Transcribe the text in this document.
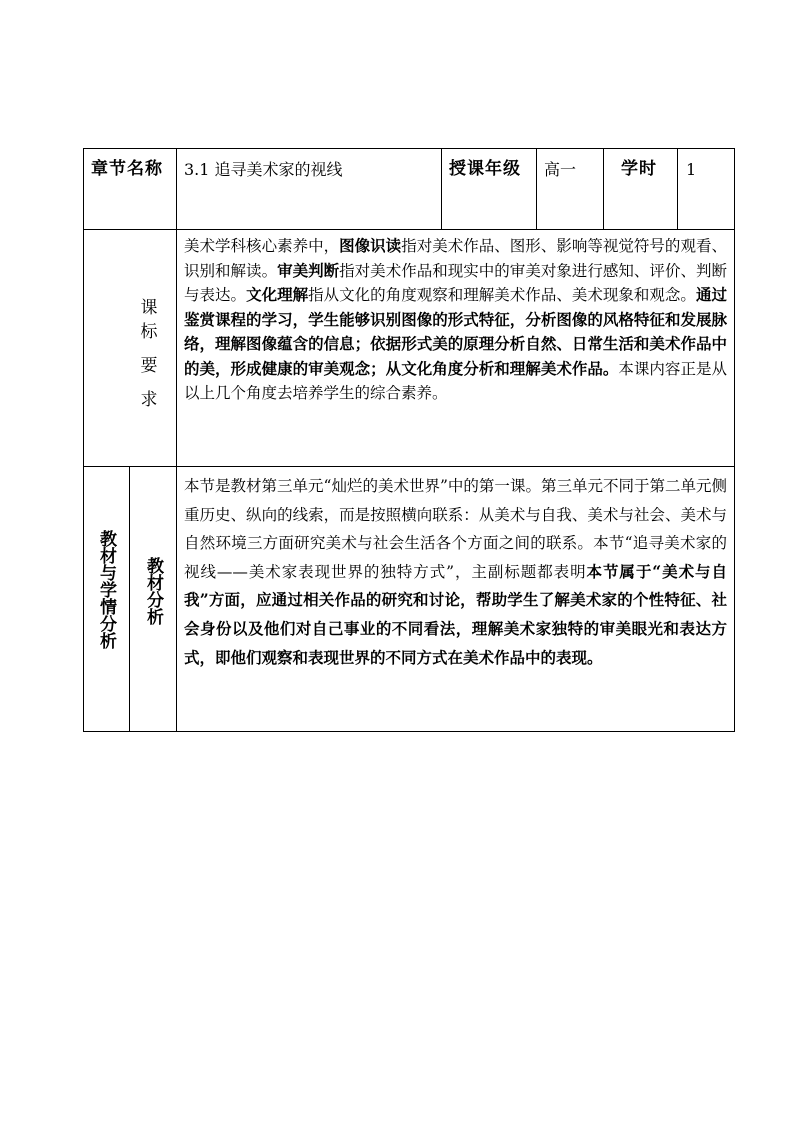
章节名称 3.1 追寻美术家的视线	授课年级 高一	学时 1
课
标
要
求
美术学科核心素养中，图像识读指对美术作品、图形、影响等视觉符号的观看、识别和解读。审美判断指对美术作品和现实中的审美对象进行感知、评价、判断与表达。文化理解指从文化的角度观察和理解美术作品、美术现象和观念。通过鉴赏课程的学习，学生能够识别图像的形式特征，分析图像的风格特征和发展脉络，理解图像蕴含的信息；依据形式美的原理分析自然、日常生活和美术作品中的美，形成健康的审美观念；从文化角度分析和理解美术作品。本课内容正是从以上几个角度去培养学生的综合素养。
教材与学情分析 教材分析
本节是教材第三单元“灿烂的美术世界”中的第一课。第三单元不同于第二单元侧重历史、纵向的线索，而是按照横向联系：从美术与自我、美术与社会、美术与自然环境三方面研究美术与社会生活各个方面之间的联系。本节“追寻美术家的视线——美术家表现世界的独特方式”，主副标题都表明本节属于“美术与自我”方面，应通过相关作品的研究和讨论，帮助学生了解美术家的个性特征、社会身份以及他们对自己事业的不同看法，理解美术家独特的审美眼光和表达方式，即他们观察和表现世界的不同方式在美术作品中的表现。
